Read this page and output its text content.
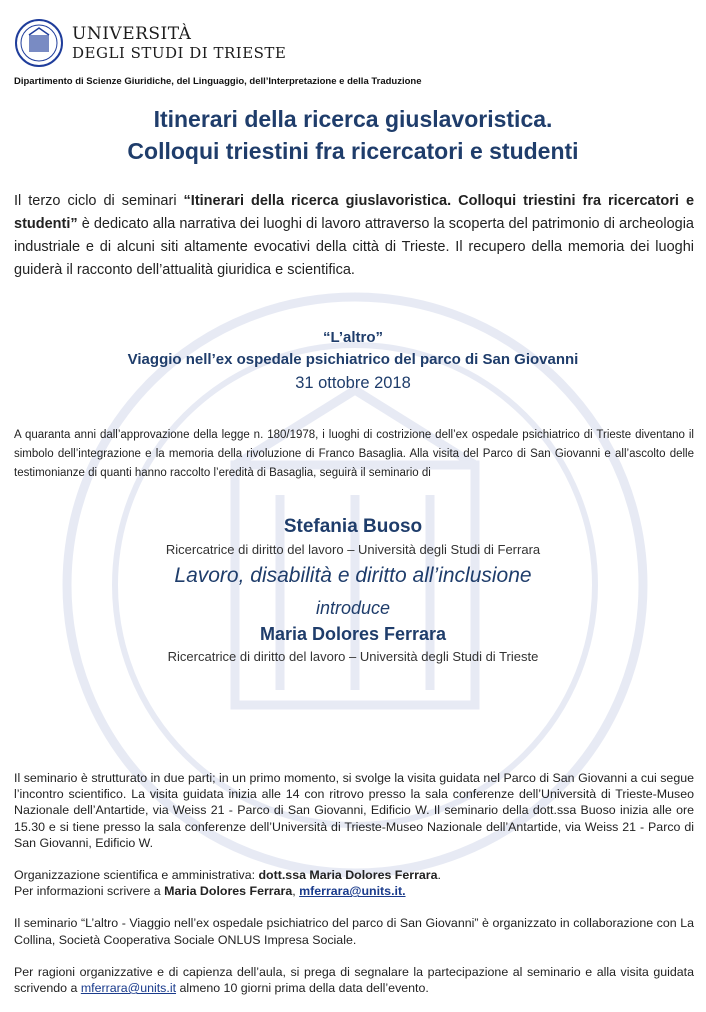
UNIVERSITÀ
DEGLI STUDI DI TRIESTE
Dipartimento di Scienze Giuridiche, del Linguaggio, dell’Interpretazione e della Traduzione
Itinerari della ricerca giuslavoristica.
Colloqui triestini fra ricercatori e studenti
Il terzo ciclo di seminari “Itinerari della ricerca giuslavoristica. Colloqui triestini fra ricercatori e studenti” è dedicato alla narrativa dei luoghi di lavoro attraverso la scoperta del patrimonio di archeologia industriale e di alcuni siti altamente evocativi della città di Trieste. Il recupero della memoria dei luoghi guiderà il racconto dell’attualità giuridica e scientifica.
“L’altro”
Viaggio nell’ex ospedale psichiatrico del parco di San Giovanni
31 ottobre 2018
A quaranta anni dall’approvazione della legge n. 180/1978, i luoghi di costrizione dell’ex ospedale psichiatrico di Trieste diventano il simbolo dell’integrazione e la memoria della rivoluzione di Franco Basaglia. Alla visita del Parco di San Giovanni e all’ascolto delle testimonianze di quanti hanno raccolto l’eredità di Basaglia, seguirà il seminario di
Stefania Buoso
Ricercatrice di diritto del lavoro – Università degli Studi di Ferrara
Lavoro, disabilità e diritto all’inclusione
introduce
Maria Dolores Ferrara
Ricercatrice di diritto del lavoro – Università degli Studi di Trieste

Il seminario è strutturato in due parti; in un primo momento, si svolge la visita guidata nel Parco di San Giovanni a cui segue l’incontro scientifico. La visita guidata inizia alle 14 con ritrovo presso la sala conferenze dell’Università di Trieste-Museo Nazionale dell’Antartide, via Weiss 21 - Parco di San Giovanni, Edificio W. Il seminario della dott.ssa Buoso inizia alle ore 15.30 e si tiene presso la sala conferenze dell’Università di Trieste-Museo Nazionale dell’Antartide, via Weiss 21 - Parco di San Giovanni, Edificio W.

Organizzazione scientifica e amministrativa: dott.ssa Maria Dolores Ferrara.
Per informazioni scrivere a Maria Dolores Ferrara, mferrara@units.it.

Il seminario “L’altro - Viaggio nell’ex ospedale psichiatrico del parco di San Giovanni” è organizzato in collaborazione con La Collina, Società Cooperativa Sociale ONLUS Impresa Sociale.

Per ragioni organizzative e di capienza dell’aula, si prega di segnalare la partecipazione al seminario e alla visita guidata scrivendo a mferrara@units.it almeno 10 giorni prima della data dell’evento.
